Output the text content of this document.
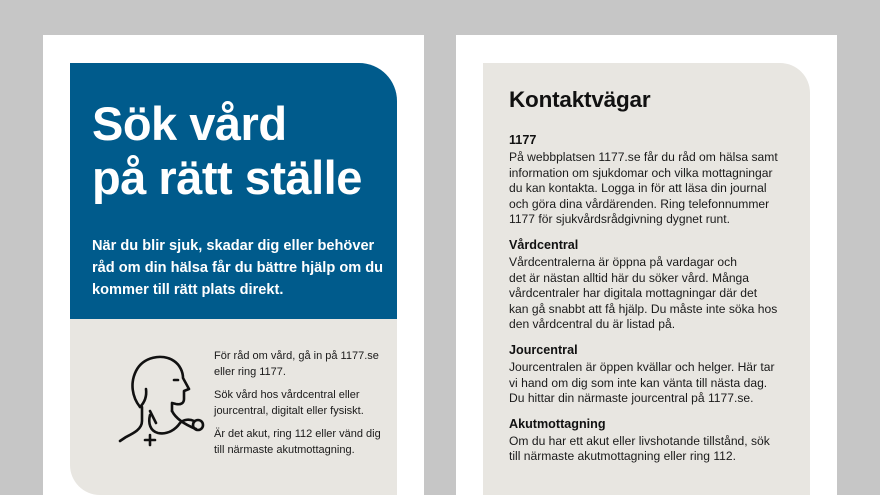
Sök vård
på rätt ställe

När du blir sjuk, skadar dig eller behöver
råd om din hälsa får du bättre hjälp om du
kommer till rätt plats direkt.

För råd om vård, gå in på 1177.se
eller ring 1177.

Sök vård hos vårdcentral eller
jourcentral, digitalt eller fysiskt.

Är det akut, ring 112 eller vänd dig
till närmaste akutmottagning.

Kontaktvägar
1177

På webbplatsen 1177.se får du råd om hälsa samt
information om sjukdomar och vilka mottagningar
du kan kontakta. Logga in för att läsa din journal
och göra dina vårdärenden. Ring telefonnummer
1177 för sjukvårdsrådgivning dygnet runt.

Vårdcentral

Vårdcentralerna är öppna på vardagar och
det är nästan alltid här du söker vård. Många
vårdcentraler har digitala mottagningar där det
kan gå snabbt att få hjälp. Du måste inte söka hos
den vårdcentral du är listad på.

Jourcentral

Jourcentralen är öppen kvällar och helger. Här tar
vi hand om dig som inte kan vänta till nästa dag.
Du hittar din närmaste jourcentral på 1177.se.

Akutmottagning

Om du har ett akut eller livshotande tillstånd, sök
till närmaste akutmottagning eller ring 112.
